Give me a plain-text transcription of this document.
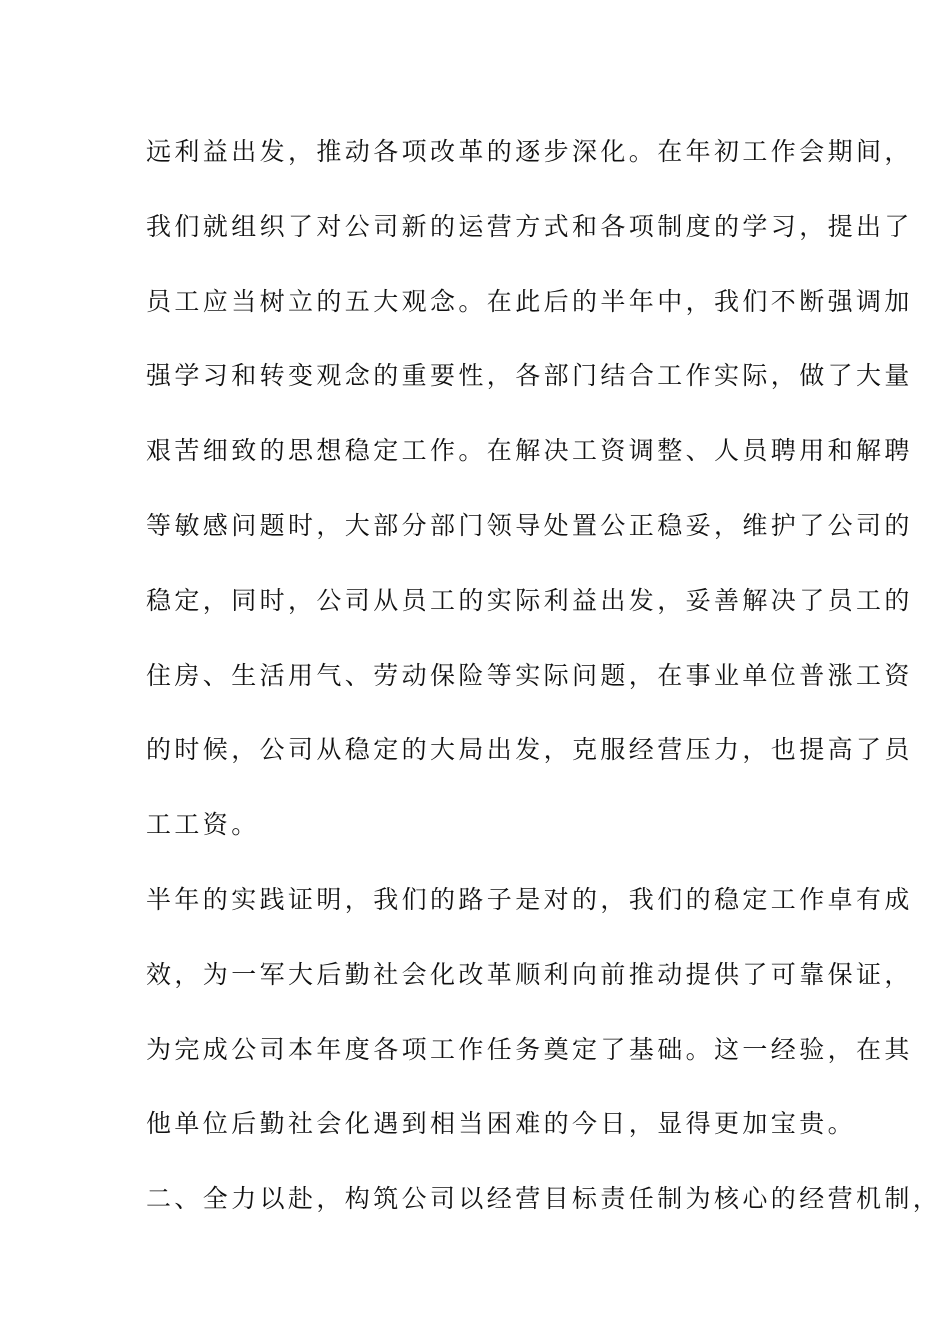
远利益出发，推动各项改革的逐步深化。在年初工作会期间，
我们就组织了对公司新的运营方式和各项制度的学习，提出了
员工应当树立的五大观念。在此后的半年中，我们不断强调加
强学习和转变观念的重要性，各部门结合工作实际，做了大量
艰苦细致的思想稳定工作。在解决工资调整、人员聘用和解聘
等敏感问题时，大部分部门领导处置公正稳妥，维护了公司的
稳定，同时，公司从员工的实际利益出发，妥善解决了员工的
住房、生活用气、劳动保险等实际问题，在事业单位普涨工资
的时候，公司从稳定的大局出发，克服经营压力，也提高了员
工工资。
半年的实践证明，我们的路子是对的，我们的稳定工作卓有成
效，为一军大后勤社会化改革顺利向前推动提供了可靠保证，
为完成公司本年度各项工作任务奠定了基础。这一经验，在其
他单位后勤社会化遇到相当困难的今日，显得更加宝贵。
二、全力以赴，构筑公司以经营目标责任制为核心的经营机制，
